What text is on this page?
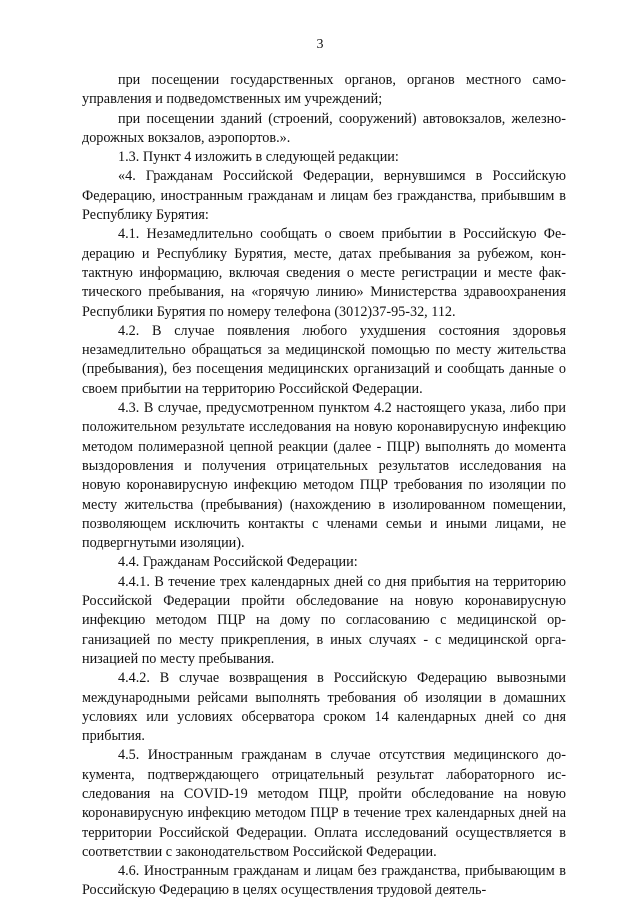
3

при посещении государственных органов, органов местного самоуправления и подведомственных им учреждений;

при посещении зданий (строений, сооружений) автовокзалов, железнодорожных вокзалов, аэропортов.».

1.3. Пункт 4 изложить в следующей редакции:

«4. Гражданам Российской Федерации, вернувшимся в Российскую Федерацию, иностранным гражданам и лицам без гражданства, прибывшим в Республику Бурятия:

4.1. Незамедлительно сообщать о своем прибытии в Российскую Федерацию и Республику Бурятия, месте, датах пребывания за рубежом, контактную информацию, включая сведения о месте регистрации и месте фактического пребывания, на «горячую линию» Министерства здравоохранения Республики Бурятия по номеру телефона (3012)37-95-32, 112.

4.2. В случае появления любого ухудшения состояния здоровья незамедлительно обращаться за медицинской помощью по месту жительства (пребывания), без посещения медицинских организаций и сообщать данные о своем прибытии на территорию Российской Федерации.

4.3. В случае, предусмотренном пунктом 4.2 настоящего указа, либо при положительном результате исследования на новую коронавирусную инфекцию методом полимеразной цепной реакции (далее - ПЦР) выполнять до момента выздоровления и получения отрицательных результатов исследования на новую коронавирусную инфекцию методом ПЦР требования по изоляции по месту жительства (пребывания) (нахождению в изолированном помещении, позволяющем исключить контакты с членами семьи и иными лицами, не подвергнутыми изоляции).

4.4. Гражданам Российской Федерации:

4.4.1. В течение трех календарных дней со дня прибытия на территорию Российской Федерации пройти обследование на новую коронавирусную инфекцию методом ПЦР на дому по согласованию с медицинской организацией по месту прикрепления, в иных случаях - с медицинской организацией по месту пребывания.

4.4.2. В случае возвращения в Российскую Федерацию вывозными международными рейсами выполнять требования об изоляции в домашних условиях или условиях обсерватора сроком 14 календарных дней со дня прибытия.

4.5. Иностранным гражданам в случае отсутствия медицинского документа, подтверждающего отрицательный результат лабораторного исследования на COVID-19 методом ПЦР, пройти обследование на новую коронавирусную инфекцию методом ПЦР в течение трех календарных дней на территории Российской Федерации. Оплата исследований осуществляется в соответствии с законодательством Российской Федерации.

4.6. Иностранным гражданам и лицам без гражданства, прибывающим в Российскую Федерацию в целях осуществления трудовой деятель-
